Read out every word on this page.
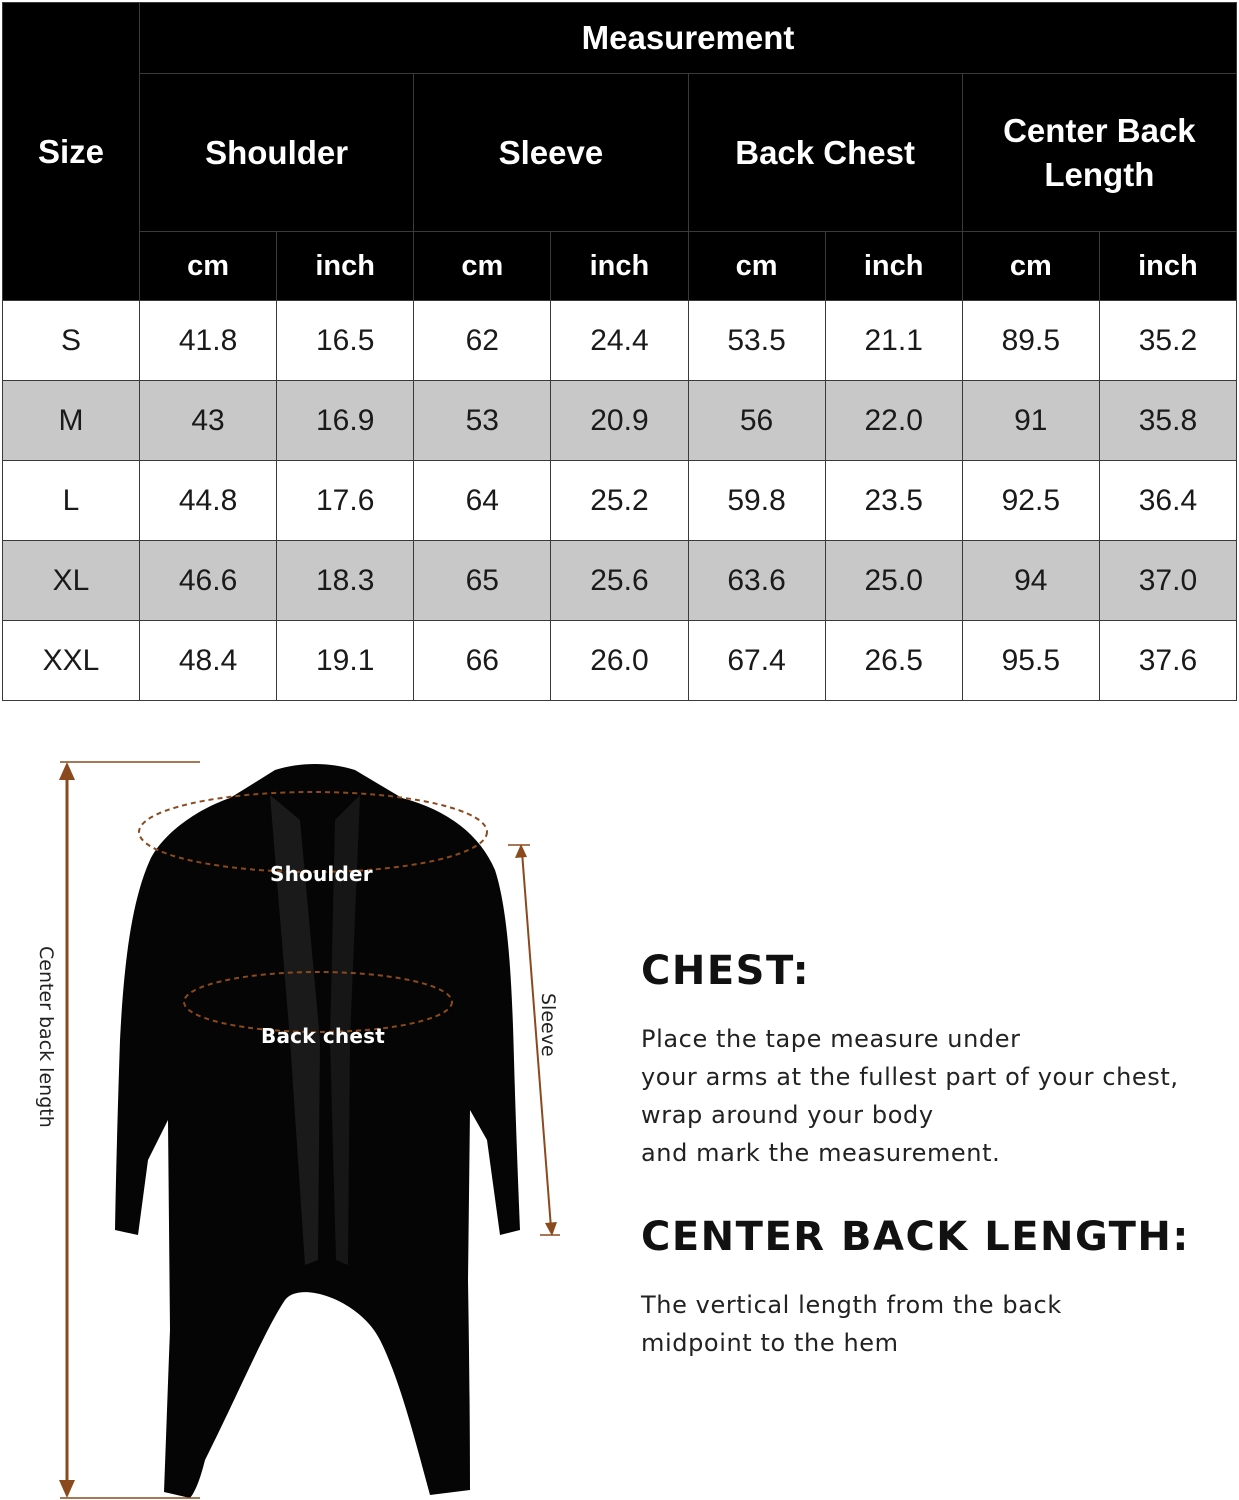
Size	Measurement							
	Shoulder		Sleeve		Back Chest		Center Back Length	
	cm	inch	cm	inch	cm	inch	cm	inch
S	41.8	16.5	62	24.4	53.5	21.1	89.5	35.2
M	43	16.9	53	20.9	56	22.0	91	35.8
L	44.8	17.6	64	25.2	59.8	23.5	92.5	36.4
XL	46.6	18.3	65	25.6	63.6	25.0	94	37.0
XXL	48.4	19.1	66	26.0	67.4	26.5	95.5	37.6
Shoulder
Back chest	Sleeve
Center back length	CHEST:

Place the tape measure under
your arms at the fullest part of your chest,
wrap around your body
and mark the measurement.

CENTER BACK LENGTH:

The vertical length from the back
midpoint to the hem
